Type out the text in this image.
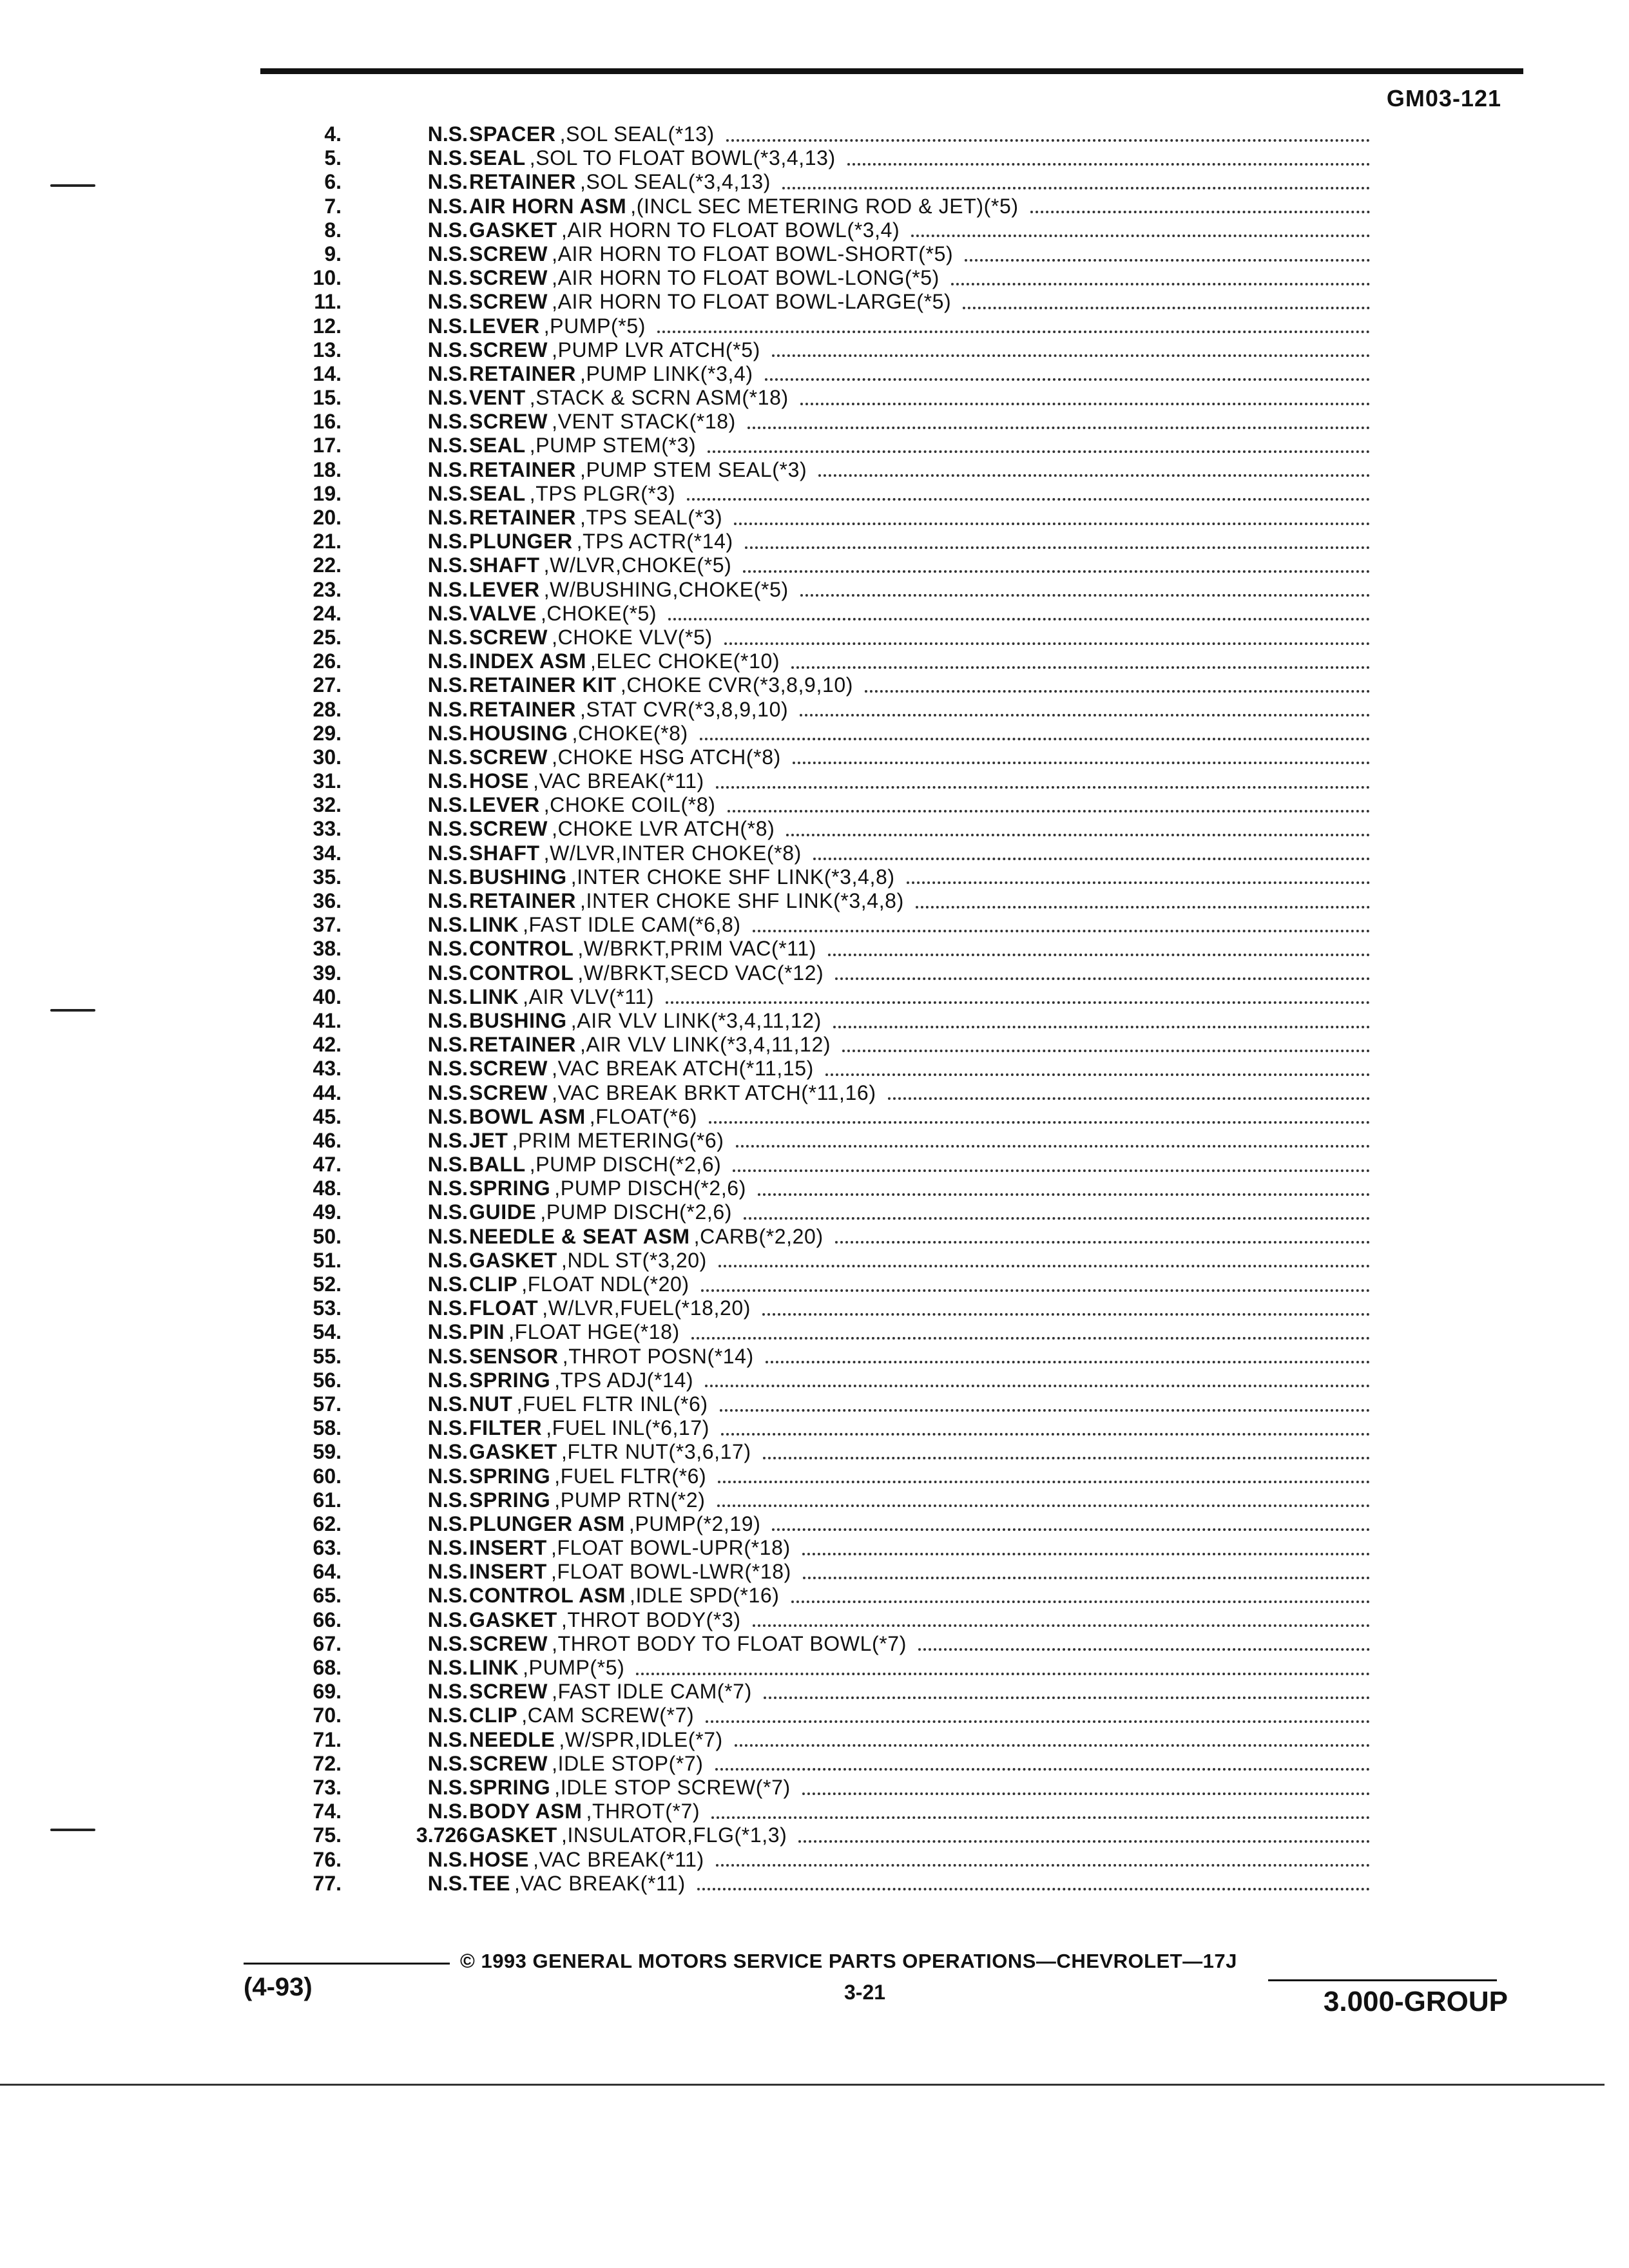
GM03-121
4.	N.S. SPACER ,SOL SEAL(*13)
5.	N.S. SEAL ,SOL TO FLOAT BOWL(*3,4,13)
6.	N.S. RETAINER ,SOL SEAL(*3,4,13)
7.	N.S. AIR HORN ASM ,(INCL SEC METERING ROD & JET)(*5)
8.	N.S. GASKET ,AIR HORN TO FLOAT BOWL(*3,4)
9.	N.S. SCREW ,AIR HORN TO FLOAT BOWL-SHORT(*5)
10.	N.S. SCREW ,AIR HORN TO FLOAT BOWL-LONG(*5)
11.	N.S. SCREW ,AIR HORN TO FLOAT BOWL-LARGE(*5)
12.	N.S. LEVER ,PUMP(*5)
13.	N.S. SCREW ,PUMP LVR ATCH(*5)
14.	N.S. RETAINER ,PUMP LINK(*3,4)
15.	N.S. VENT ,STACK & SCRN ASM(*18)
16.	N.S. SCREW ,VENT STACK(*18)
17.	N.S. SEAL ,PUMP STEM(*3)
18.	N.S. RETAINER ,PUMP STEM SEAL(*3)
19.	N.S. SEAL ,TPS PLGR(*3)
20.	N.S. RETAINER ,TPS SEAL(*3)
21.	N.S. PLUNGER ,TPS ACTR(*14)
22.	N.S. SHAFT ,W/LVR,CHOKE(*5)
23.	N.S. LEVER ,W/BUSHING,CHOKE(*5)
24.	N.S. VALVE ,CHOKE(*5)
25.	N.S. SCREW ,CHOKE VLV(*5)
26.	N.S. INDEX ASM ,ELEC CHOKE(*10)
27.	N.S. RETAINER KIT ,CHOKE CVR(*3,8,9,10)
28.	N.S. RETAINER ,STAT CVR(*3,8,9,10)
29.	N.S. HOUSING ,CHOKE(*8)
30.	N.S. SCREW ,CHOKE HSG ATCH(*8)
31.	N.S. HOSE ,VAC BREAK(*11)
32.	N.S. LEVER ,CHOKE COIL(*8)
33.	N.S. SCREW ,CHOKE LVR ATCH(*8)
34.	N.S. SHAFT ,W/LVR,INTER CHOKE(*8)
35.	N.S. BUSHING ,INTER CHOKE SHF LINK(*3,4,8)
36.	N.S. RETAINER ,INTER CHOKE SHF LINK(*3,4,8)
37.	N.S. LINK ,FAST IDLE CAM(*6,8)
38.	N.S. CONTROL ,W/BRKT,PRIM VAC(*11)
39.	N.S. CONTROL ,W/BRKT,SECD VAC(*12)
40.	N.S. LINK ,AIR VLV(*11)
41.	N.S. BUSHING ,AIR VLV LINK(*3,4,11,12)
42.	N.S. RETAINER ,AIR VLV LINK(*3,4,11,12)
43.	N.S. SCREW ,VAC BREAK ATCH(*11,15)
44.	N.S. SCREW ,VAC BREAK BRKT ATCH(*11,16)
45.	N.S. BOWL ASM ,FLOAT(*6)
46.	N.S. JET ,PRIM METERING(*6)
47.	N.S. BALL ,PUMP DISCH(*2,6)
48.	N.S. SPRING ,PUMP DISCH(*2,6)
49.	N.S. GUIDE ,PUMP DISCH(*2,6)
50.	N.S. NEEDLE & SEAT ASM ,CARB(*2,20)
51.	N.S. GASKET ,NDL ST(*3,20)
52.	N.S. CLIP ,FLOAT NDL(*20)
53.	N.S. FLOAT ,W/LVR,FUEL(*18,20)
54.	N.S. PIN ,FLOAT HGE(*18)
55.	N.S. SENSOR ,THROT POSN(*14)
56.	N.S. SPRING ,TPS ADJ(*14)
57.	N.S. NUT ,FUEL FLTR INL(*6)
58.	N.S. FILTER ,FUEL INL(*6,17)
59.	N.S. GASKET ,FLTR NUT(*3,6,17)
60.	N.S. SPRING ,FUEL FLTR(*6)
61.	N.S. SPRING ,PUMP RTN(*2)
62.	N.S. PLUNGER ASM ,PUMP(*2,19)
63.	N.S. INSERT ,FLOAT BOWL-UPR(*18)
64.	N.S. INSERT ,FLOAT BOWL-LWR(*18)
65.	N.S. CONTROL ASM ,IDLE SPD(*16)
66.	N.S. GASKET ,THROT BODY(*3)
67.	N.S. SCREW ,THROT BODY TO FLOAT BOWL(*7)
68.	N.S. LINK ,PUMP(*5)
69.	N.S. SCREW ,FAST IDLE CAM(*7)
70.	N.S. CLIP ,CAM SCREW(*7)
71.	N.S. NEEDLE ,W/SPR,IDLE(*7)
72.	N.S. SCREW ,IDLE STOP(*7)
73.	N.S. SPRING ,IDLE STOP SCREW(*7)
74.	N.S. BODY ASM ,THROT(*7)
75.	3.726 GASKET ,INSULATOR,FLG(*1,3)
76.	N.S. HOSE ,VAC BREAK(*11)
77.	N.S. TEE ,VAC BREAK(*11)
© 1993 GENERAL MOTORS SERVICE PARTS OPERATIONS—CHEVROLET—17J
(4-93)	3-21	3.000-GROUP
